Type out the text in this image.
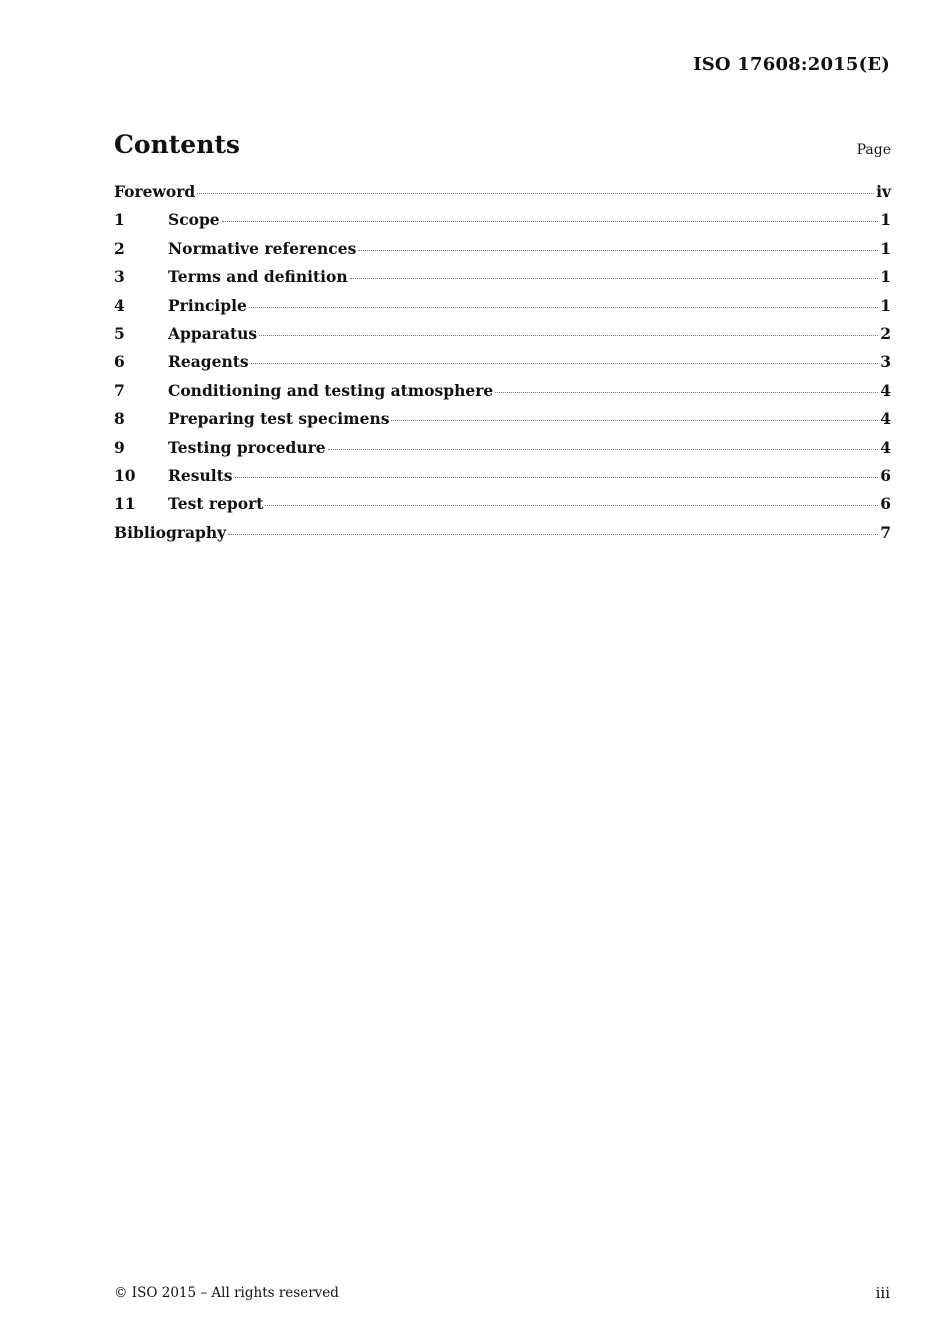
ISO 17608:2015(E)
Contents	Page
Foreword	iv
1	Scope	1
2	Normative references	1
3	Terms and definition	1
4	Principle	1
5	Apparatus	2
6	Reagents	3
7	Conditioning and testing atmosphere	4
8	Preparing test specimens	4
9	Testing procedure	4
10	Results	6
11	Test report	6
Bibliography	7
© ISO 2015 – All rights reserved	iii
